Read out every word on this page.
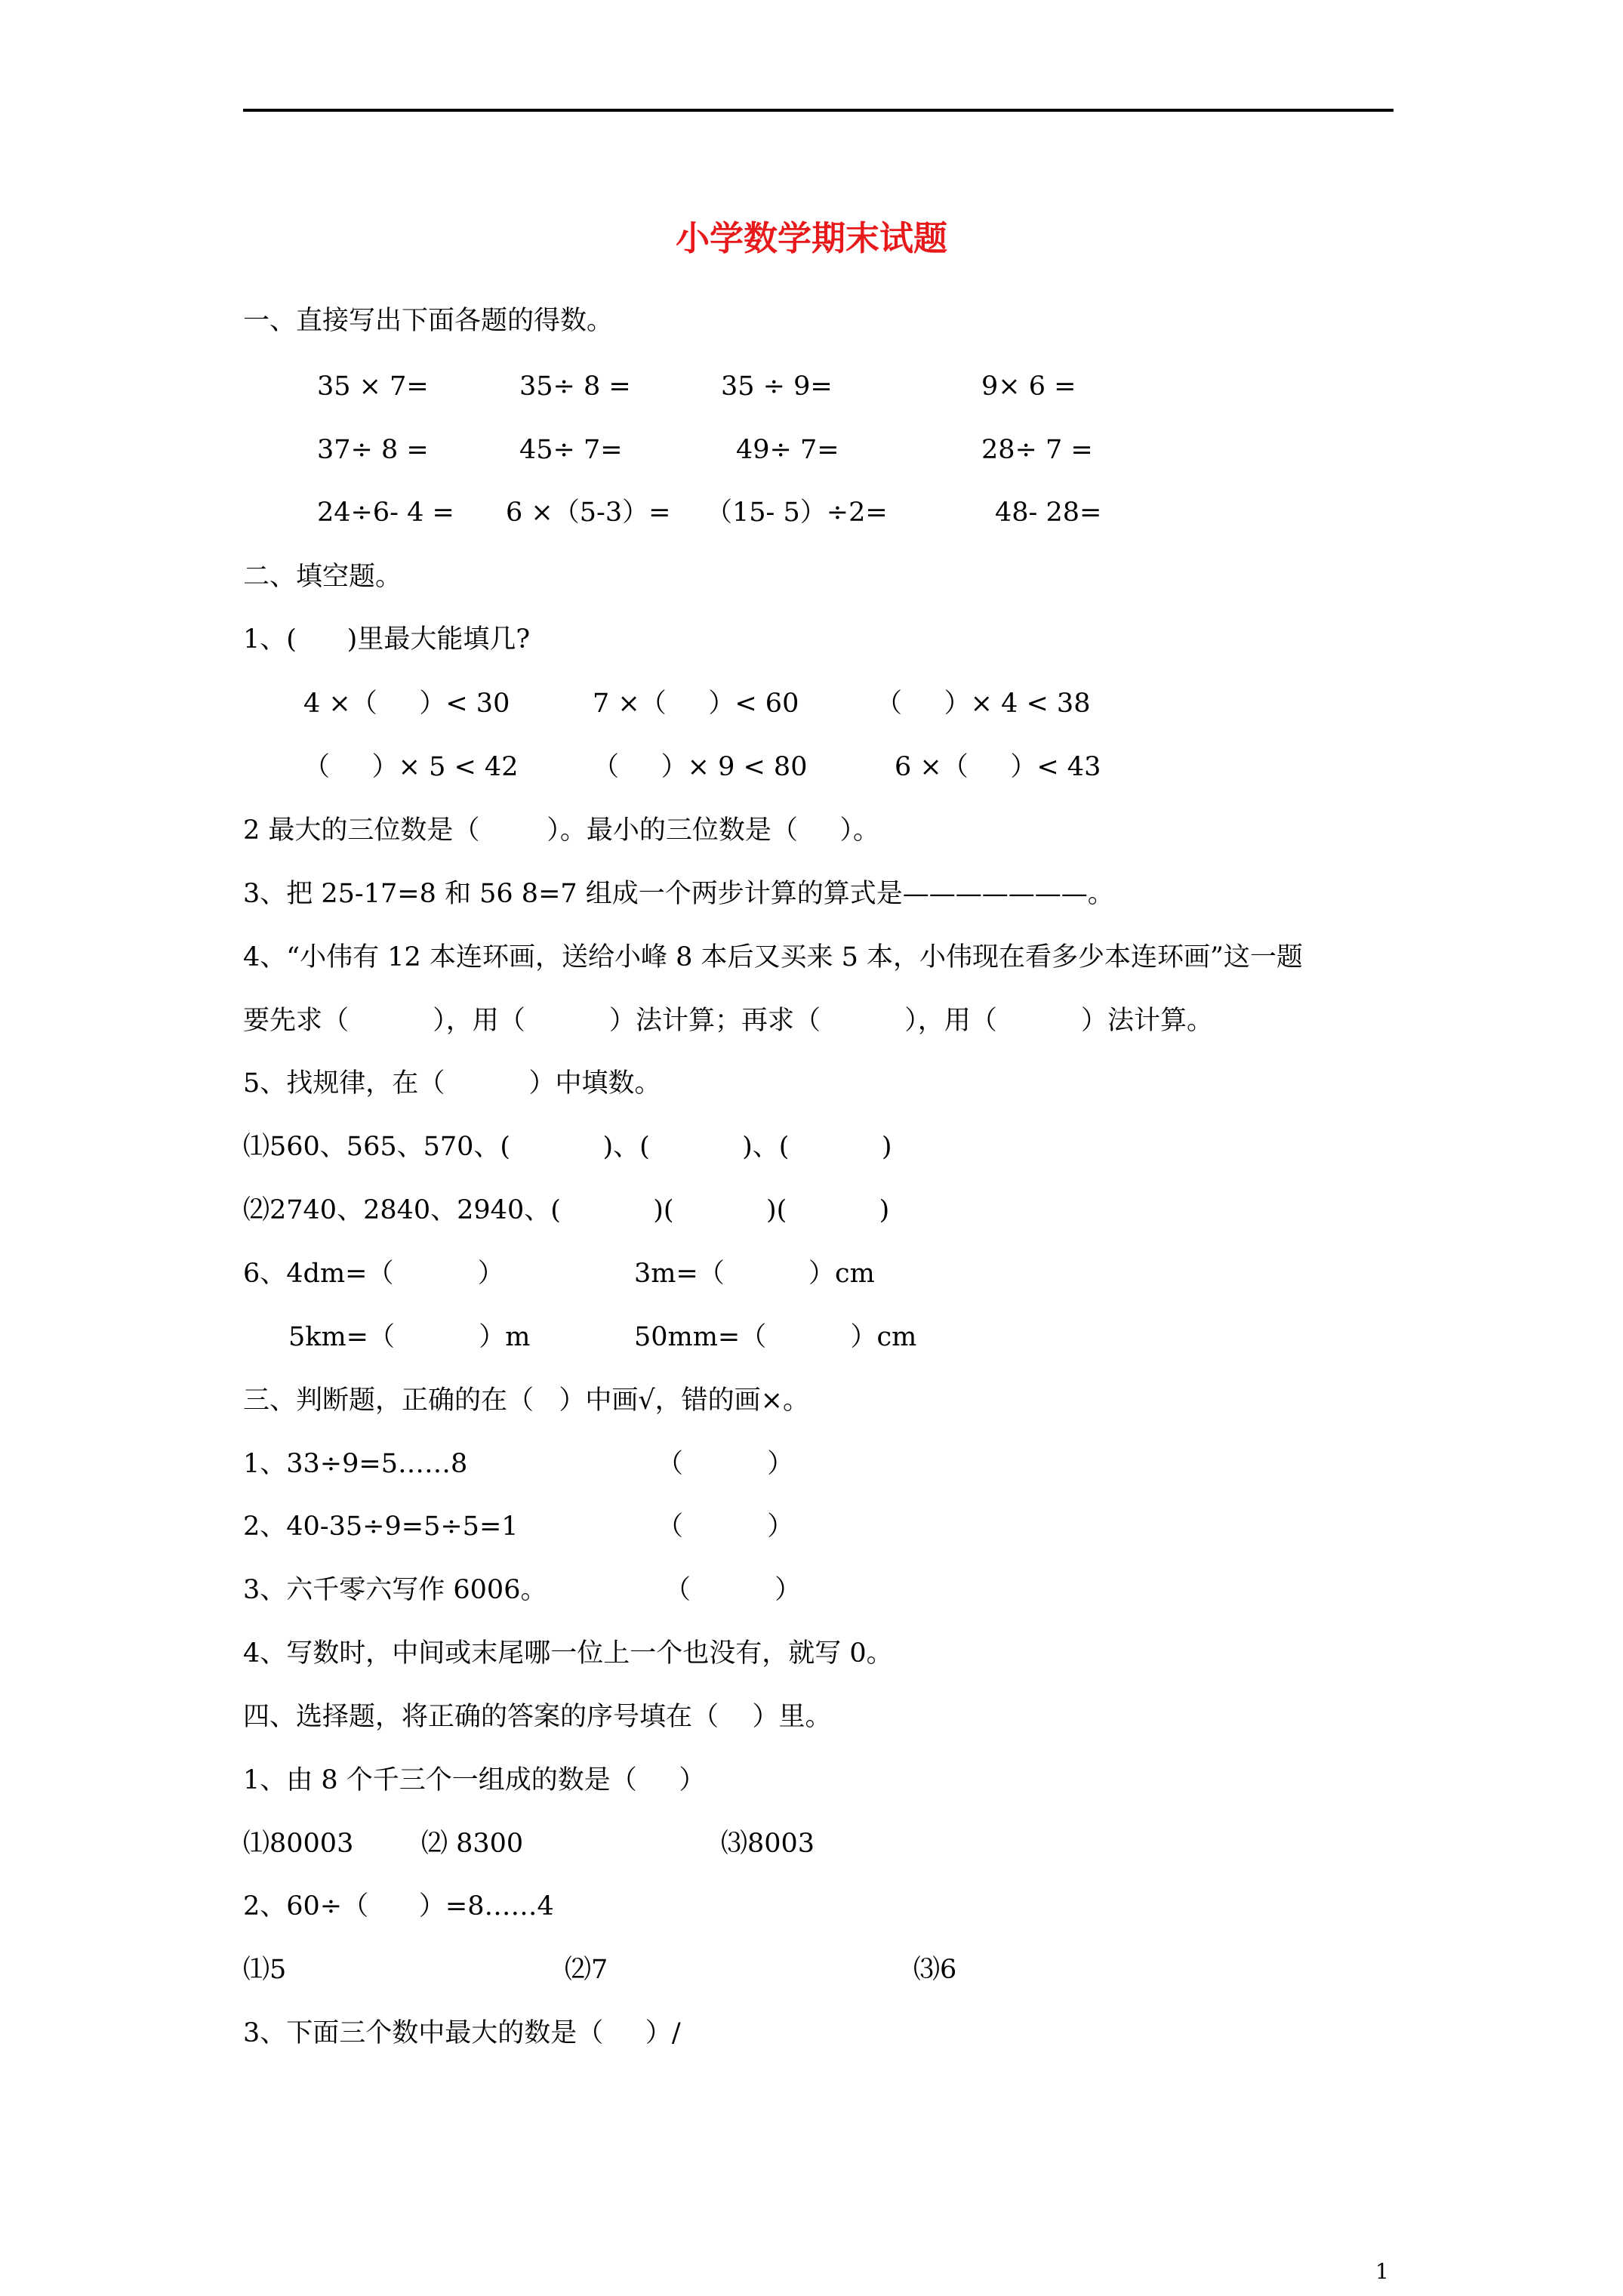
小学数学期末试题
一、直接写出下面各题的得数。
35 × 7=	35÷ 8 =	35 ÷ 9=	9× 6 =
37÷ 8 =	45÷ 7=	49÷ 7=	28÷ 7 =
24÷6- 4 = 6 ×（5-3）= （15- 5）÷2=	48- 28=
二、填空题。
1、(      )里最大能填几?
4 ×（     ）< 30	7 ×（     ）< 60	（     ）× 4 < 38
（     ）× 5 < 42	（     ）× 9 < 80	6 ×（     ）< 43
2 最大的三位数是（        ）。最小的三位数是（     ）。
3、把 25-17=8 和 56 8=7 组成一个两步计算的算式是———————。
4、“小伟有 12 本连环画，送给小峰 8 本后又买来 5 本，小伟现在看多少本连环画”这一题
要先求（          ），用（          ）法计算；再求（          ），用（          ）法计算。
5、找规律，在（          ）中填数。
⑴560、565、570、(           )、(           )、(           )
⑵2740、2840、2940、(           )(           )(           )
6、4dm=（          ）	3m=（          ）cm
5km=（          ）m	50mm=（          ）cm
三、判断题，正确的在（   ）中画√，错的画×。
1、33÷9=5……8	（          ）
2、40-35÷9=5÷5=1	（          ）
3、六千零六写作 6006。	（          ）
4、写数时，中间或末尾哪一位上一个也没有，就写 0。
四、选择题，将正确的答案的序号填在（    ）里。
1、由 8 个千三个一组成的数是（     ）
⑴80003	⑵ 8300	⑶8003
2、60÷（      ）=8……4
⑴5	⑵7	⑶6
3、下面三个数中最大的数是（     ）/
1
